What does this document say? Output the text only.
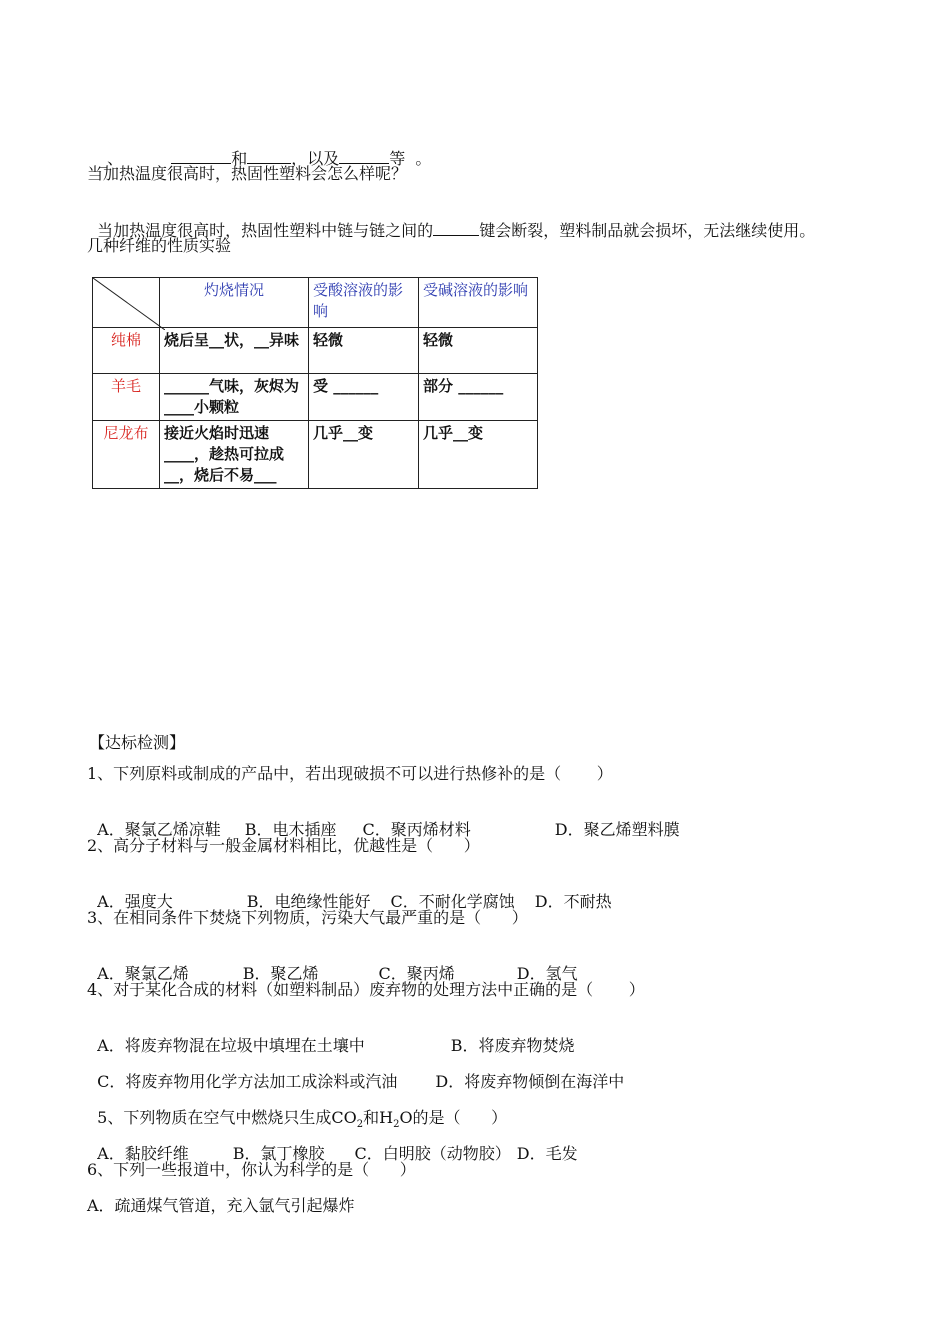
_、	和	，以及	等  。

当加热温度很高时，热固性塑料会怎么样呢？

当加热温度很高时，热固性塑料中链与链之间的	键会断裂，塑料制品就会损坏，无法继续使用。

几种纤维的性质实验
	灼烧情况	受酸溶液的影响	受碱溶液的影响
纯棉	烧后呈__状，__异味	轻微	轻微
羊毛	______气味，灰烬为____小颗粒	受 ______	部分 ______
尼龙布	接近火焰时迅速____，趁热可拉成__，烧后不易___	几乎__变	几乎__变
【达标检测】
1、下列原料或制成的产品中，若出现破损不可以进行热修补的是（       ）

A．聚氯乙烯凉鞋 B．电木插座 C．聚丙烯材料	D．聚乙烯塑料膜

2、高分子材料与一般金属材料相比，优越性是（      ）

A．强度大	B．电绝缘性能好 C．不耐化学腐蚀 D．不耐热

3、在相同条件下焚烧下列物质，污染大气最严重的是（      ）

A．聚氯乙烯	B．聚乙烯	C．聚丙烯	D．氢气

4、对于某化合成的材料（如塑料制品）废弃物的处理方法中正确的是（       ）

A．将废弃物混在垃圾中填埋在土壤中	B．将废弃物焚烧

C．将废弃物用化学方法加工成涂料或汽油 D．将废弃物倾倒在海洋中

5、下列物质在空气中燃烧只生成$CO_2$和$H_2O$的是（      ）

A．黏胶纤维	B．氯丁橡胶 C．白明胶（动物胶） D．毛发

6、下列一些报道中，你认为科学的是（      ）
A．疏通煤气管道，充入氩气引起爆炸
